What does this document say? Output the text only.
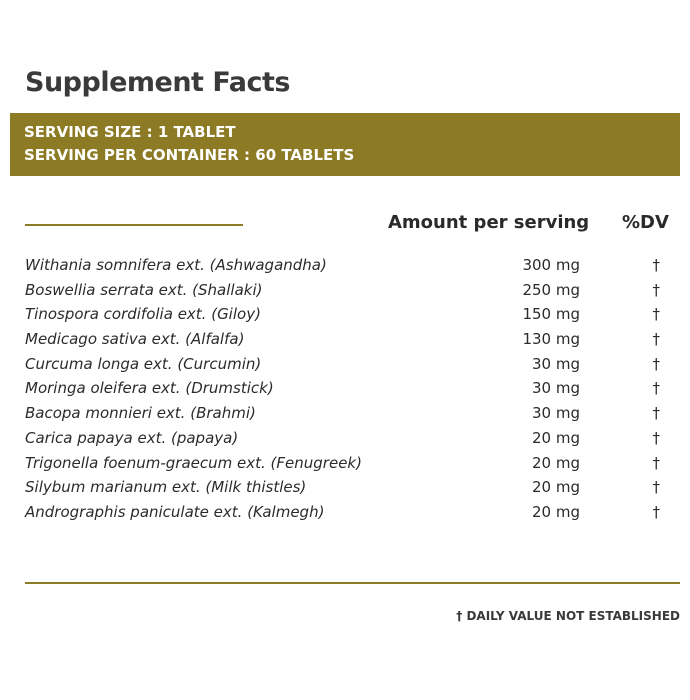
Supplement Facts
SERVING SIZE : 1 TABLET
SERVING PER CONTAINER : 60 TABLETS
Amount per serving %DV
Withania somnifera ext. (Ashwagandha)	300 mg	†
Boswellia serrata ext. (Shallaki)	250 mg	†
Tinospora cordifolia ext. (Giloy)	150 mg	†
Medicago sativa ext. (Alfalfa)	130 mg	†
Curcuma longa ext. (Curcumin)	30 mg	†
Moringa oleifera ext. (Drumstick)	30 mg	†
Bacopa monnieri ext. (Brahmi)	30 mg	†
Carica papaya ext. (papaya)	20 mg	†
Trigonella foenum-graecum ext. (Fenugreek)	20 mg	†
Silybum marianum ext. (Milk thistles)	20 mg	†
Andrographis paniculate ext. (Kalmegh)	20 mg	†
† DAILY VALUE NOT ESTABLISHED
